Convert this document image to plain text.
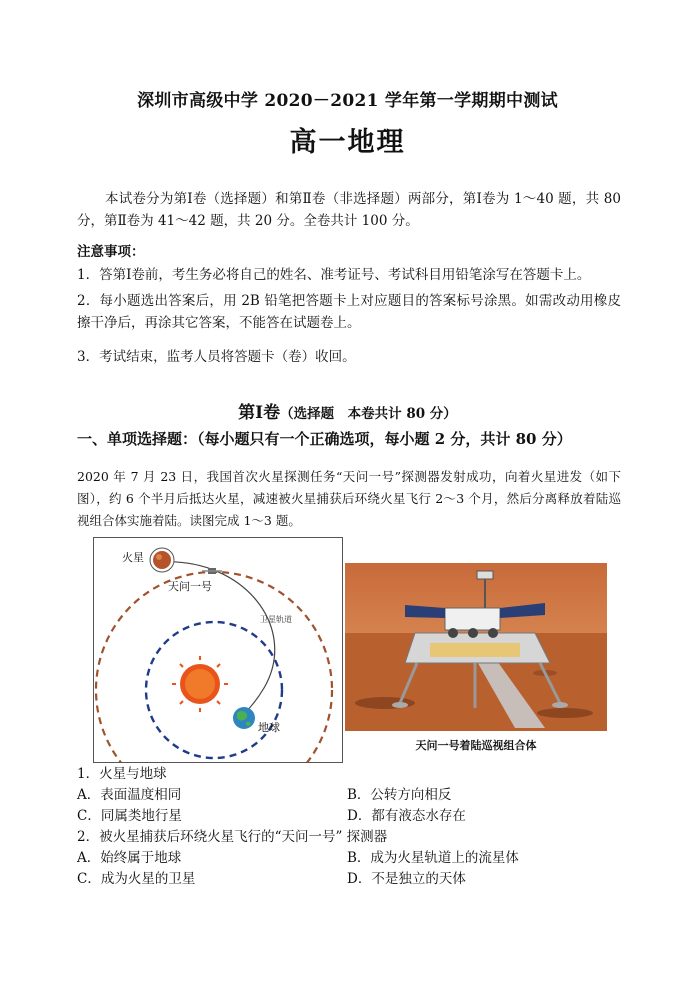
深圳市高级中学 2020－2021 学年第一学期期中测试
高一地理
本试卷分为第Ⅰ卷（选择题）和第Ⅱ卷（非选择题）两部分，第Ⅰ卷为 1～40 题，共 80 分，第Ⅱ卷为 41～42 题，共 20 分。全卷共计 100 分。
注意事项：
1．答第Ⅰ卷前，考生务必将自己的姓名、准考证号、考试科目用铅笔涂写在答题卡上。
2．每小题选出答案后，用 2B 铅笔把答题卡上对应题目的答案标号涂黑。如需改动用橡皮擦干净后，再涂其它答案，不能答在试题卷上。
3．考试结束，监考人员将答题卡（卷）收回。
第Ⅰ卷（选择题　本卷共计 80 分）
一、单项选择题：（每小题只有一个正确选项，每小题 2 分，共计 80 分）
2020 年 7 月 23 日，我国首次火星探测任务“天问一号”探测器发射成功，向着火星进发（如下图），约 6 个半月后抵达火星，减速被火星捕获后环绕火星飞行 2～3 个月，然后分离释放着陆巡视组合体实施着陆。读图完成 1～3 题。
火星
天问一号
卫星轨道
地球
天问一号着陆巡视组合体
1．火星与地球
A．表面温度相同	B．公转方向相反
C．同属类地行星	D．都有液态水存在
2．被火星捕获后环绕火星飞行的“天问一号” 探测器
A．始终属于地球	B．成为火星轨道上的流星体
C．成为火星的卫星	D．不是独立的天体
